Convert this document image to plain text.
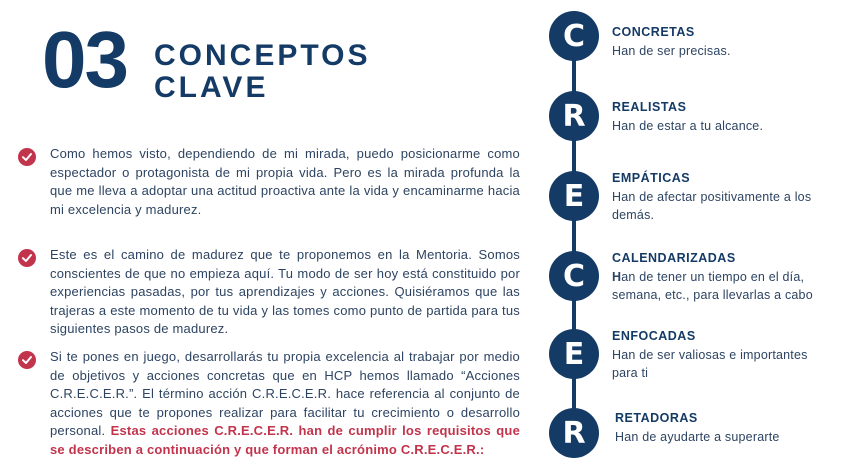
03 CONCEPTOS
CLAVE
Como hemos visto, dependiendo de mi mirada, puedo posicionarme como espectador o protagonista de mi propia vida. Pero es la mirada profunda la que me lleva a adoptar una actitud proactiva ante la vida y encaminarme hacia mi excelencia y madurez.
Este es el camino de madurez que te proponemos en la Mentoria. Somos conscientes de que no empieza aquí. Tu modo de ser hoy está constituido por experiencias pasadas, por tus aprendizajes y acciones. Quisiéramos que las trajeras a este momento de tu vida y las tomes como punto de partida para tus siguientes pasos de madurez.
Si te pones en juego, desarrollarás tu propia excelencia al trabajar por medio de objetivos y acciones concretas que en HCP hemos llamado “Acciones C.R.E.C.E.R.”. El término acción C.R.E.C.E.R. hace referencia al conjunto de acciones que te propones realizar para facilitar tu crecimiento o desarrollo personal. Estas acciones C.R.E.C.E.R. han de cumplir los requisitos que se describen a continuación y que forman el acrónimo C.R.E.C.E.R.:
C
R
E
C
E
R
CONCRETAS
Han de ser precisas.
REALISTAS
Han de estar a tu alcance.
EMPÁTICAS
Han de afectar positivamente a los demás.
CALENDARIZADAS
Han de tener un tiempo en el día, semana, etc., para llevarlas a cabo
ENFOCADAS
Han de ser valiosas e importantes para ti
RETADORAS
Han de ayudarte a superarte
